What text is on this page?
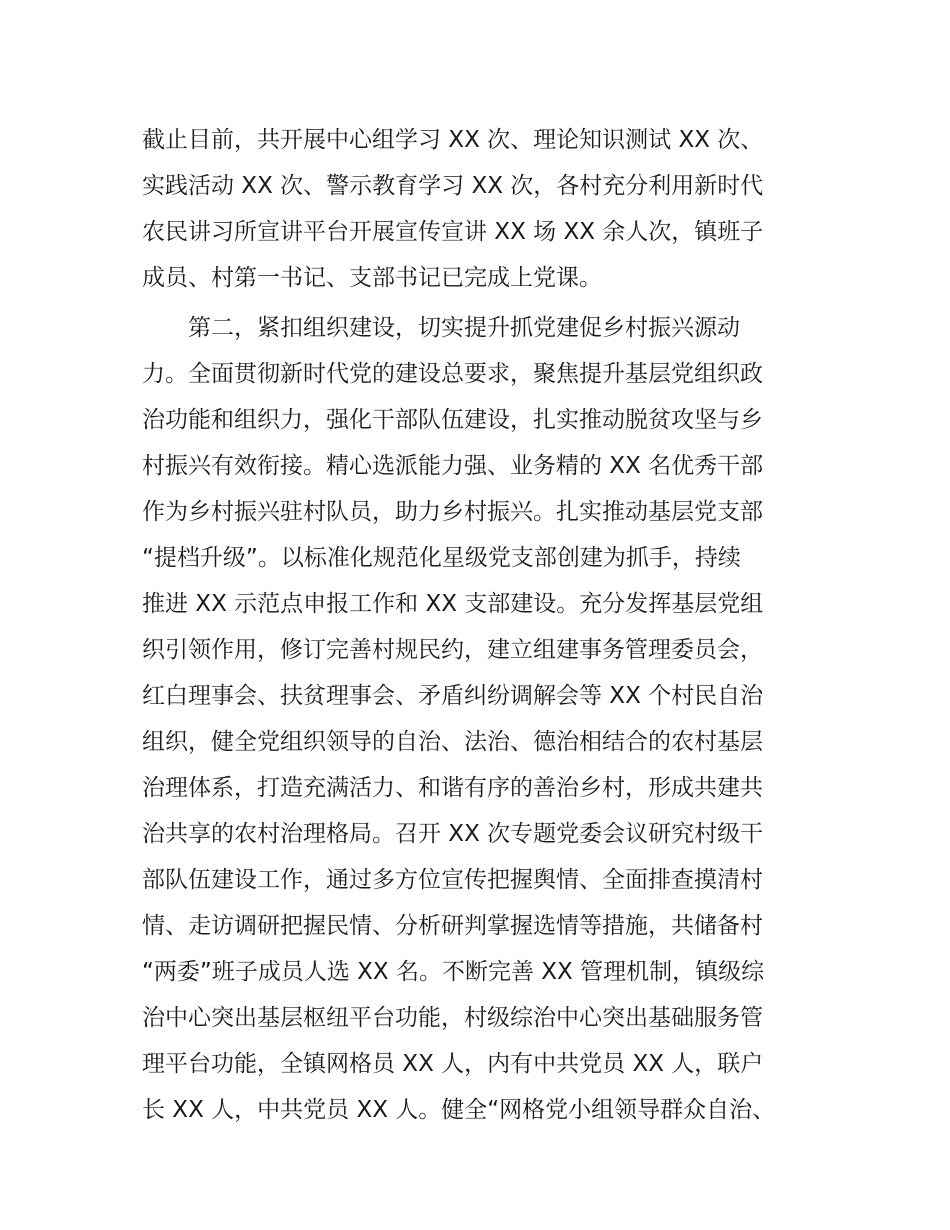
截止目前，共开展中心组学习 XX 次、理论知识测试 XX 次、
实践活动 XX 次、警示教育学习 XX 次，各村充分利用新时代
农民讲习所宣讲平台开展宣传宣讲 XX 场 XX 余人次，镇班子
成员、村第一书记、支部书记已完成上党课。
第二，紧扣组织建设，切实提升抓党建促乡村振兴源动
力。全面贯彻新时代党的建设总要求，聚焦提升基层党组织政
治功能和组织力，强化干部队伍建设，扎实推动脱贫攻坚与乡
村振兴有效衔接。精心选派能力强、业务精的 XX 名优秀干部
作为乡村振兴驻村队员，助力乡村振兴。扎实推动基层党支部
“提档升级”。以标准化规范化星级党支部创建为抓手，持续
推进 XX 示范点申报工作和 XX 支部建设。充分发挥基层党组
织引领作用，修订完善村规民约，建立组建事务管理委员会，
红白理事会、扶贫理事会、矛盾纠纷调解会等 XX 个村民自治
组织，健全党组织领导的自治、法治、德治相结合的农村基层
治理体系，打造充满活力、和谐有序的善治乡村，形成共建共
治共享的农村治理格局。召开 XX 次专题党委会议研究村级干
部队伍建设工作，通过多方位宣传把握舆情、全面排查摸清村
情、走访调研把握民情、分析研判掌握选情等措施，共储备村
“两委”班子成员人选 XX 名。不断完善 XX 管理机制，镇级综
治中心突出基层枢纽平台功能，村级综治中心突出基础服务管
理平台功能，全镇网格员 XX 人，内有中共党员 XX 人，联户
长 XX 人，中共党员 XX 人。健全“网格党小组领导群众自治、
